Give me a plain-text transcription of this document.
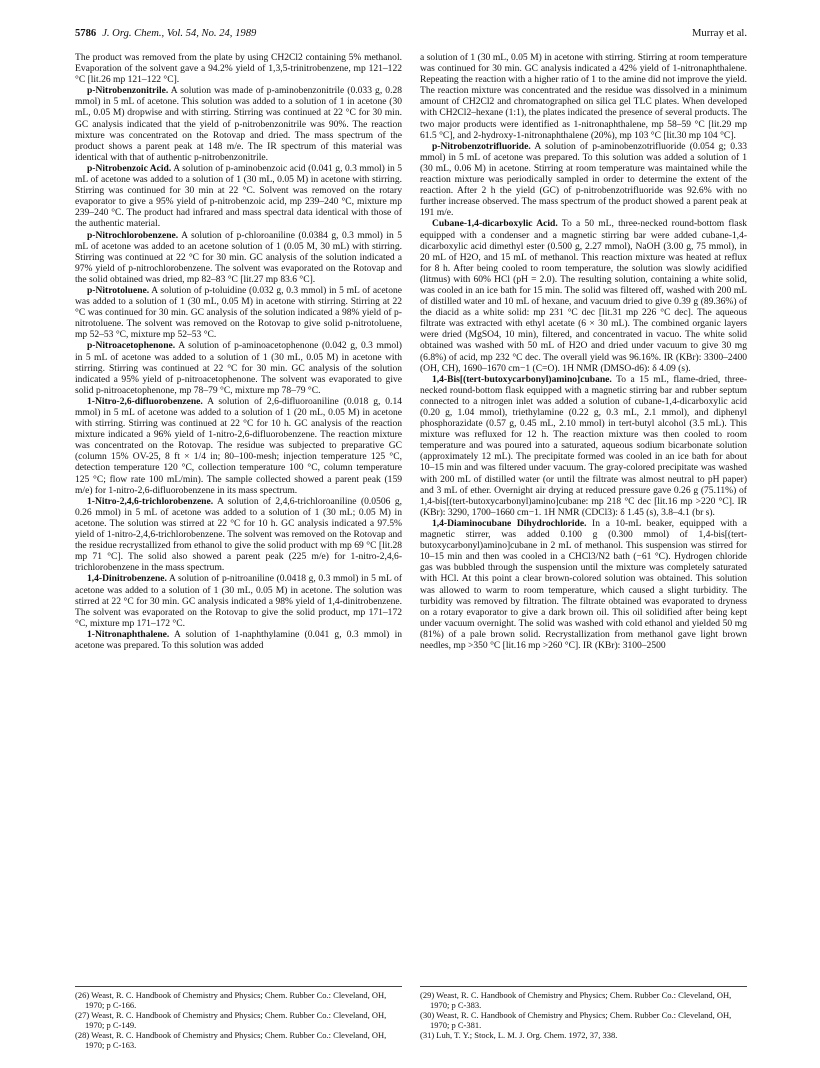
5786 J. Org. Chem., Vol. 54, No. 24, 1989	Murray et al.

The product was removed from the plate by using CH2Cl2 containing 5% methanol. Evaporation of the solvent gave a 94.2% yield of 1,3,5-trinitrobenzene, mp 121–122 °C [lit.26 mp 121–122 °C].

p-Nitrobenzonitrile. A solution was made of p-aminobenzonitrile (0.033 g, 0.28 mmol) in 5 mL of acetone. This solution was added to a solution of 1 in acetone (30 mL, 0.05 M) dropwise and with stirring. Stirring was continued at 22 °C for 30 min. GC analysis indicated that the yield of p-nitrobenzonitrile was 90%. The reaction mixture was concentrated on the Rotovap and dried. The mass spectrum of the product shows a parent peak at 148 m/e. The IR spectrum of this material was identical with that of authentic p-nitrobenzonitrile.

p-Nitrobenzoic Acid. A solution of p-aminobenzoic acid (0.041 g, 0.3 mmol) in 5 mL of acetone was added to a solution of 1 (30 mL, 0.05 M) in acetone with stirring. Stirring was continued for 30 min at 22 °C. Solvent was removed on the rotary evaporator to give a 95% yield of p-nitrobenzoic acid, mp 239–240 °C, mixture mp 239–240 °C. The product had infrared and mass spectral data identical with those of the authentic material.

p-Nitrochlorobenzene. A solution of p-chloroaniline (0.0384 g, 0.3 mmol) in 5 mL of acetone was added to an acetone solution of 1 (0.05 M, 30 mL) with stirring. Stirring was continued at 22 °C for 30 min. GC analysis of the solution indicated a 97% yield of p-nitrochlorobenzene. The solvent was evaporated on the Rotovap and the solid obtained was dried, mp 82–83 °C [lit.27 mp 83.6 °C].

p-Nitrotoluene. A solution of p-toluidine (0.032 g, 0.3 mmol) in 5 mL of acetone was added to a solution of 1 (30 mL, 0.05 M) in acetone with stirring. Stirring at 22 °C was continued for 30 min. GC analysis of the solution indicated a 98% yield of p-nitrotoluene. The solvent was removed on the Rotovap to give solid p-nitrotoluene, mp 52–53 °C, mixture mp 52–53 °C.

p-Nitroacetophenone. A solution of p-aminoacetophenone (0.042 g, 0.3 mmol) in 5 mL of acetone was added to a solution of 1 (30 mL, 0.05 M) in acetone with stirring. Stirring was continued at 22 °C for 30 min. GC analysis of the solution indicated a 95% yield of p-nitroacetophenone. The solvent was evaporated to give solid p-nitroacetophenone, mp 78–79 °C, mixture mp 78–79 °C.

1-Nitro-2,6-difluorobenzene. A solution of 2,6-difluoroaniline (0.018 g, 0.14 mmol) in 5 mL of acetone was added to a solution of 1 (20 mL, 0.05 M) in acetone with stirring. Stirring was continued at 22 °C for 10 h. GC analysis of the reaction mixture indicated a 96% yield of 1-nitro-2,6-difluorobenzene. The reaction mixture was concentrated on the Rotovap. The residue was subjected to preparative GC (column 15% OV-25, 8 ft × 1/4 in; 80–100-mesh; injection temperature 125 °C, detection temperature 120 °C, collection temperature 100 °C, column temperature 125 °C; flow rate 100 mL/min). The sample collected showed a parent peak (159 m/e) for 1-nitro-2,6-difluorobenzene in its mass spectrum.

1-Nitro-2,4,6-trichlorobenzene. A solution of 2,4,6-trichloroaniline (0.0506 g, 0.26 mmol) in 5 mL of acetone was added to a solution of 1 (30 mL; 0.05 M) in acetone. The solution was stirred at 22 °C for 10 h. GC analysis indicated a 97.5% yield of 1-nitro-2,4,6-trichlorobenzene. The solvent was removed on the Rotovap and the residue recrystallized from ethanol to give the solid product with mp 69 °C [lit.28 mp 71 °C]. The solid also showed a parent peak (225 m/e) for 1-nitro-2,4,6-trichlorobenzene in the mass spectrum.

1,4-Dinitrobenzene. A solution of p-nitroaniline (0.0418 g, 0.3 mmol) in 5 mL of acetone was added to a solution of 1 (30 mL, 0.05 M) in acetone. The solution was stirred at 22 °C for 30 min. GC analysis indicated a 98% yield of 1,4-dinitrobenzene. The solvent was evaporated on the Rotovap to give the solid product, mp 171–172 °C, mixture mp 171–172 °C.

1-Nitronaphthalene. A solution of 1-naphthylamine (0.041 g, 0.3 mmol) in acetone was prepared. To this solution was added

a solution of 1 (30 mL, 0.05 M) in acetone with stirring. Stirring at room temperature was continued for 30 min. GC analysis indicated a 42% yield of 1-nitronaphthalene. Repeating the reaction with a higher ratio of 1 to the amine did not improve the yield. The reaction mixture was concentrated and the residue was dissolved in a minimum amount of CH2Cl2 and chromatographed on silica gel TLC plates. When developed with CH2Cl2–hexane (1:1), the plates indicated the presence of several products. The two major products were identified as 1-nitronaphthalene, mp 58–59 °C [lit.29 mp 61.5 °C], and 2-hydroxy-1-nitronaphthalene (20%), mp 103 °C [lit.30 mp 104 °C].

p-Nitrobenzotrifluoride. A solution of p-aminobenzotrifluoride (0.054 g; 0.33 mmol) in 5 mL of acetone was prepared. To this solution was added a solution of 1 (30 mL, 0.06 M) in acetone. Stirring at room temperature was maintained while the reaction mixture was periodically sampled in order to determine the extent of the reaction. After 2 h the yield (GC) of p-nitrobenzotrifluoride was 92.6% with no further increase observed. The mass spectrum of the product showed a parent peak at 191 m/e.

Cubane-1,4-dicarboxylic Acid. To a 50 mL, three-necked round-bottom flask equipped with a condenser and a magnetic stirring bar were added cubane-1,4-dicarboxylic acid dimethyl ester (0.500 g, 2.27 mmol), NaOH (3.00 g, 75 mmol), in 20 mL of H2O, and 15 mL of methanol. This reaction mixture was heated at reflux for 8 h. After being cooled to room temperature, the solution was slowly acidified (litmus) with 60% HCl (pH = 2.0). The resulting solution, containing a white solid, was cooled in an ice bath for 15 min. The solid was filtered off, washed with 200 mL of distilled water and 10 mL of hexane, and vacuum dried to give 0.39 g (89.36%) of the diacid as a white solid: mp 231 °C dec [lit.31 mp 226 °C dec]. The aqueous filtrate was extracted with ethyl acetate (6 × 30 mL). The combined organic layers were dried (MgSO4, 10 min), filtered, and concentrated in vacuo. The white solid obtained was washed with 50 mL of H2O and dried under vacuum to give 30 mg (6.8%) of acid, mp 232 °C dec. The overall yield was 96.16%. IR (KBr): 3300–2400 (OH, CH), 1690–1670 cm−1 (C=O). 1H NMR (DMSO-d6): δ 4.09 (s).

1,4-Bis[(tert-butoxycarbonyl)amino]cubane. To a 15 mL, flame-dried, three-necked round-bottom flask equipped with a magnetic stirring bar and rubber septum connected to a nitrogen inlet was added a solution of cubane-1,4-dicarboxylic acid (0.20 g, 1.04 mmol), triethylamine (0.22 g, 0.3 mL, 2.1 mmol), and diphenyl phosphorazidate (0.57 g, 0.45 mL, 2.10 mmol) in tert-butyl alcohol (3.5 mL). This mixture was refluxed for 12 h. The reaction mixture was then cooled to room temperature and was poured into a saturated, aqueous sodium bicarbonate solution (approximately 12 mL). The precipitate formed was cooled in an ice bath for about 10–15 min and was filtered under vacuum. The gray-colored precipitate was washed with 200 mL of distilled water (or until the filtrate was almost neutral to pH paper) and 3 mL of ether. Overnight air drying at reduced pressure gave 0.26 g (75.11%) of 1,4-bis[(tert-butoxycarbonyl)amino]cubane: mp 218 °C dec [lit.16 mp >220 °C]. IR (KBr): 3290, 1700–1660 cm−1. 1H NMR (CDCl3): δ 1.45 (s), 3.8–4.1 (br s).

1,4-Diaminocubane Dihydrochloride. In a 10-mL beaker, equipped with a magnetic stirrer, was added 0.100 g (0.300 mmol) of 1,4-bis[(tert-butoxycarbonyl)amino]cubane in 2 mL of methanol. This suspension was stirred for 10–15 min and then was cooled in a CHCl3/N2 bath (−61 °C). Hydrogen chloride gas was bubbled through the suspension until the mixture was completely saturated with HCl. At this point a clear brown-colored solution was obtained. This solution was allowed to warm to room temperature, which caused a slight turbidity. The turbidity was removed by filtration. The filtrate obtained was evaporated to dryness on a rotary evaporator to give a dark brown oil. This oil solidified after being kept under vacuum overnight. The solid was washed with cold ethanol and yielded 50 mg (81%) of a pale brown solid. Recrystallization from methanol gave light brown needles, mp >350 °C [lit.16 mp >260 °C]. IR (KBr): 3100–2500

(26) Weast, R. C. Handbook of Chemistry and Physics; Chem. Rubber Co.: Cleveland, OH, 1970; p C-166.

(27) Weast, R. C. Handbook of Chemistry and Physics; Chem. Rubber Co.: Cleveland, OH, 1970; p C-149.

(28) Weast, R. C. Handbook of Chemistry and Physics; Chem. Rubber Co.: Cleveland, OH, 1970; p C-163.

(29) Weast, R. C. Handbook of Chemistry and Physics; Chem. Rubber Co.: Cleveland, OH, 1970; p C-383.

(30) Weast, R. C. Handbook of Chemistry and Physics; Chem. Rubber Co.: Cleveland, OH, 1970; p C-381.

(31) Luh, T. Y.; Stock, L. M. J. Org. Chem. 1972, 37, 338.
